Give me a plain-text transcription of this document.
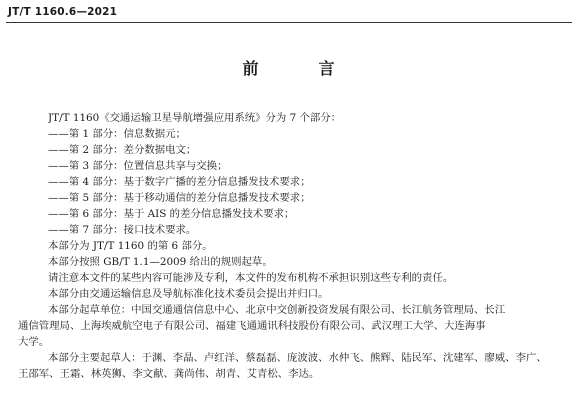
JT/T 1160.6—2021
前　言
JT/T 1160《交通运输卫星导航增强应用系统》分为 7 个部分：
——第 1 部分：信息数据元；
——第 2 部分：差分数据电文；
——第 3 部分：位置信息共享与交换；
——第 4 部分：基于数字广播的差分信息播发技术要求；
——第 5 部分：基于移动通信的差分信息播发技术要求；
——第 6 部分：基于 AIS 的差分信息播发技术要求；
——第 7 部分：接口技术要求。
本部分为 JT/T 1160 的第 6 部分。
本部分按照 GB/T 1.1—2009 给出的规则起草。
请注意本文件的某些内容可能涉及专利，本文件的发布机构不承担识别这些专利的责任。
本部分由交通运输信息及导航标准化技术委员会提出并归口。
本部分起草单位：中国交通通信信息中心、北京中交创新投资发展有限公司、长江航务管理局、长江
通信管理局、上海埃威航空电子有限公司、福建飞通通讯科技股份有限公司、武汉理工大学、大连海事
大学。
本部分主要起草人：于渊、李晶、卢红洋、蔡磊磊、庞波波、水仲飞、熊辉、陆民军、沈建军、廖威、李广、
王邵军、王霜、林英狮、李文献、龚尚伟、胡青、艾青松、李达。
